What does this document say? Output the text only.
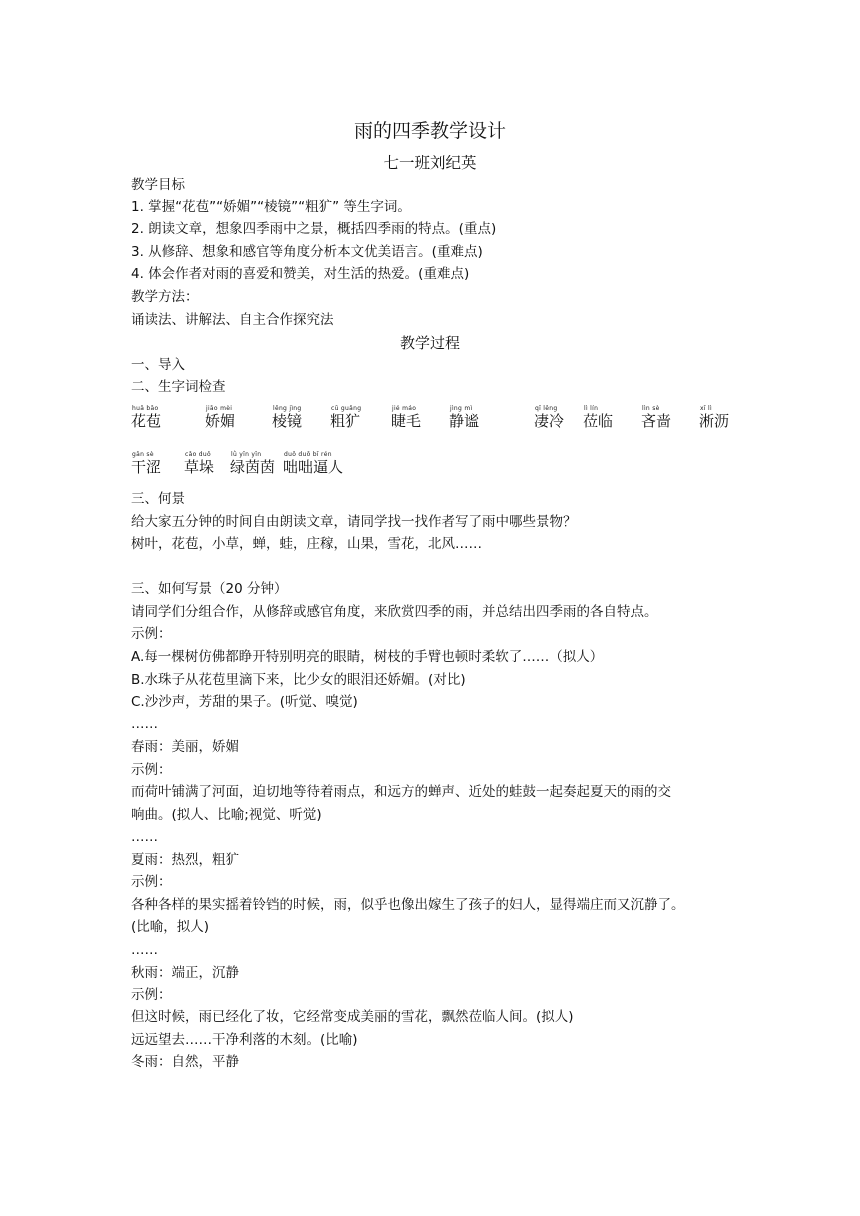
雨的四季教学设计
七一班刘纪英
教学目标
1. 掌握“花苞”“娇媚”“棱镜”“粗犷” 等生字词。
2. 朗读文章，想象四季雨中之景，概括四季雨的特点。(重点)
3. 从修辞、想象和感官等角度分析本文优美语言。(重难点)
4. 体会作者对雨的喜爱和赞美，对生活的热爱。(重难点)
教学方法：
诵读法、讲解法、自主合作探究法
教学过程
一、导入
二、生字词检查
huā bāo
花苞
jiāo mèi
娇媚
lēng jìng
棱镜
cū guǎng
粗犷
jié máo
睫毛
jìng mì
静谧
qī lěng
凄冷
lì lín
莅临
lìn sè
吝啬
xī lì
淅沥
gān sè
干涩
cǎo duǒ
草垛
lǜ yīn yīn
绿茵茵
duō duō bī rén
咄咄逼人
三、何景
给大家五分钟的时间自由朗读文章，请同学找一找作者写了雨中哪些景物？
树叶，花苞，小草，蝉，蛙，庄稼，山果，雪花，北风……
三、如何写景（20 分钟）
请同学们分组合作，从修辞或感官角度，来欣赏四季的雨，并总结出四季雨的各自特点。
示例：
A.每一棵树仿佛都睁开特别明亮的眼睛，树枝的手臂也顿时柔软了……（拟人）
B.水珠子从花苞里滴下来，比少女的眼泪还娇媚。(对比)
C.沙沙声，芳甜的果子。(听觉、嗅觉)
……
春雨：美丽，娇媚
示例：
而荷叶铺满了河面，迫切地等待着雨点，和远方的蝉声、近处的蛙鼓一起奏起夏天的雨的交
响曲。(拟人、比喻;视觉、听觉)
……
夏雨：热烈，粗犷
示例：
各种各样的果实摇着铃铛的时候，雨，似乎也像出嫁生了孩子的妇人，显得端庄而又沉静了。
(比喻，拟人)
……
秋雨：端正，沉静
示例：
但这时候，雨已经化了妆，它经常变成美丽的雪花，飘然莅临人间。(拟人)
远远望去……干净利落的木刻。(比喻)
冬雨：自然，平静
